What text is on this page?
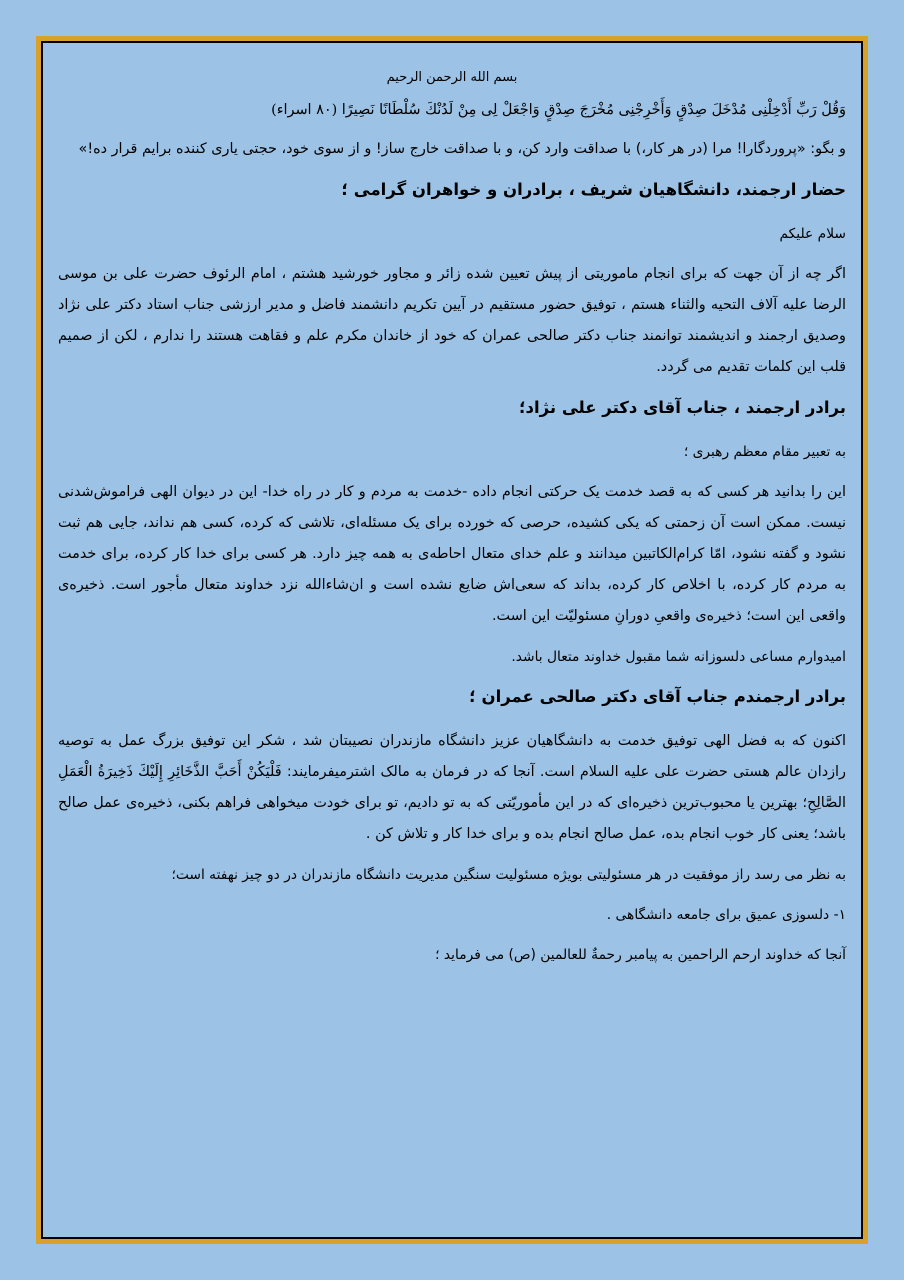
بسم الله الرحمن الرحیم

وَقُلْ رَبِّ أَدْخِلْنِی مُدْخَلَ صِدْقٍ وَأَخْرِجْنِی مُخْرَجَ صِدْقٍ وَاجْعَلْ لِی مِنْ لَدُنْكَ سُلْطَانًا نَصِیرًا (۸۰ اسراء)

و بگو: «پروردگارا! مرا (در هر کار،) با صداقت وارد کن، و با صداقت خارج ساز! و از سوی خود، حجتی یاری کننده برایم قرار ده!»

حضار ارجمند، دانشگاهیان شریف ، برادران و خواهران گرامی ؛

سلام علیکم

اگر چه از آن جهت که برای انجام ماموریتی از پیش تعیین شده زائر و مجاور خورشید هشتم ، امام الرئوف حضرت علی بن موسی الرضا علیه آلاف التحیه والثناء هستم ، توفیق حضور مستقیم در آیین تکریم دانشمند فاضل و مدیر ارزشی جناب استاد دکتر علی نژاد وصدیق ارجمند و اندیشمند توانمند جناب دکتر صالحی عمران که خود از خاندان مکرم علم و فقاهت هستند را ندارم ، لکن از صمیم قلب این کلمات تقدیم می گردد.

برادر ارجمند ، جناب آقای دکتر علی نژاد؛

به تعبیر مقام معظم رهبری ؛

این را بدانید هر کسی که به قصد خدمت یک حرکتی انجام داده -خدمت به مردم و کار در راه خدا- این در دیوان الهی فراموش‌شدنی نیست. ممکن است آن زحمتی که یکی کشیده، حرصی که خورده برای یک مسئله‌ای، تلاشی که کرده، کسی هم نداند، جایی هم ثبت نشود و گفته نشود، امّا کرام‌الکاتبین میدانند و علم خدای متعال احاطه‌ی به همه چیز دارد. هر کسی برای خدا کار کرده، برای خدمت به مردم کار کرده، با اخلاص کار کرده، بداند که سعی‌اش ضایع نشده است و ان‌شاءالله نزد خداوند متعال مأجور است. ذخیره‌ی واقعی این است؛ ذخیره‌ی واقعیِ دورانِ مسئولیّت این است.

امیدوارم مساعی دلسوزانه شما مقبول خداوند متعال باشد.

برادر ارجمندم جناب آقای دکتر صالحی عمران ؛

اکنون که به فضل الهی توفیق خدمت به دانشگاهیان عزیز دانشگاه مازندران نصیبتان شد ، شکر این توفیق بزرگ عمل به توصیه رازدان عالم هستی حضرت علی علیه السلام است. آنجا که در فرمان به مالک اشترمیفرمایند: فَلْیَكُنْ أَحَبَّ الذَّخَائِرِ إِلَیْكَ ذَخِیرَةُ الْعَمَلِ الصَّالِحِ؛ بهترین یا محبوب‌ترین ذخیره‌ای که در این مأموریّتی که به تو دادیم، تو برای خودت میخواهی فراهم بکنی، ذخیره‌ی عمل صالح باشد؛ یعنی کار خوب انجام بده، عمل صالح انجام بده و برای خدا کار و تلاش کن .

به نظر می رسد راز موفقیت در هر مسئولیتی بویژه مسئولیت سنگین مدیریت دانشگاه مازندران در دو چیز نهفته است؛

۱- دلسوزی عمیق برای جامعه دانشگاهی .

آنجا که خداوند ارحم الراحمین به پیامبر رحمةٌ للعالمین (ص) می فرماید ؛
